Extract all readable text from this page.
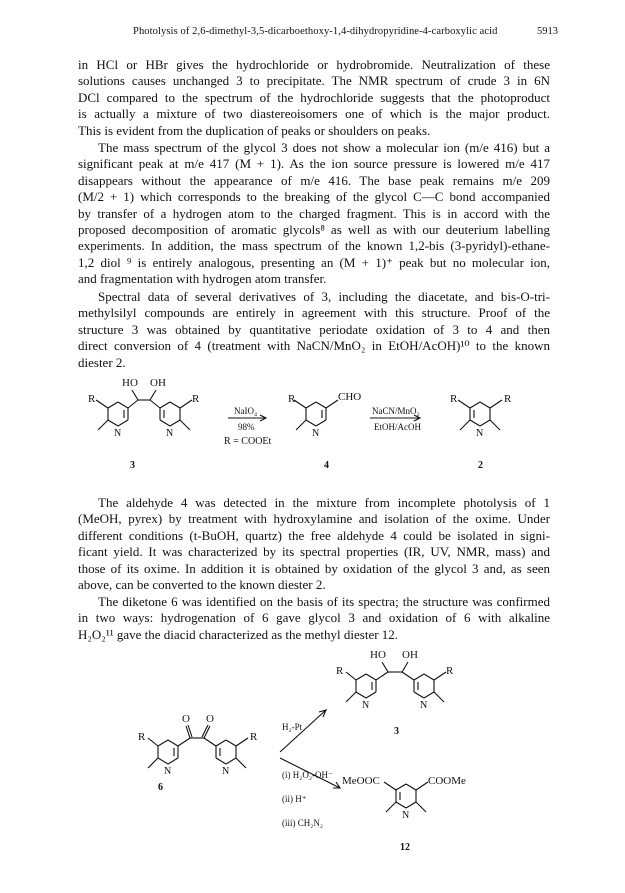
Photolysis of 2,6-dimethyl-3,5-dicarboethoxy-1,4-dihydropyridine-4-carboxylic acid	5913
in HCl or HBr gives the hydrochloride or hydrobromide. Neutralization of these
solutions causes unchanged 3 to precipitate. The NMR spectrum of crude 3 in 6N
DCl compared to the spectrum of the hydrochloride suggests that the photoproduct
is actually a mixture of two diastereoisomers one of which is the major product.
This is evident from the duplication of peaks or shoulders on peaks.
The mass spectrum of the glycol 3 does not show a molecular ion (m/e 416) but a
significant peak at m/e 417 (M + 1). As the ion source pressure is lowered m/e 417
disappears without the appearance of m/e 416. The base peak remains m/e 209
(M/2 + 1) which corresponds to the breaking of the glycol C—C bond accompanied
by transfer of a hydrogen atom to the charged fragment. This is in accord with the
proposed decomposition of aromatic glycols⁸ as well as with our deuterium labelling
experiments. In addition, the mass spectrum of the known 1,2-bis (3-pyridyl)-ethane-
1,2 diol ⁹ is entirely analogous, presenting an (M + 1)⁺ peak but no molecular ion,
and fragmentation with hydrogen atom transfer.
Spectral data of several derivatives of 3, including the diacetate, and bis-O-tri-
methylsilyl compounds are entirely in agreement with this structure. Proof of the
structure 3 was obtained by quantitative periodate oxidation of 3 to 4 and then
direct conversion of 4 (treatment with NaCN/MnO₂ in EtOH/AcOH)¹⁰ to the known
diester 2.
HO OH
R	R
N	N
3
NaIO₄
98%
R = COOEt
R	CHO
N
4
NaCN/MnO₂
EtOH/AcOH
R	R
N
2
The aldehyde 4 was detected in the mixture from incomplete photolysis of 1
(MeOH, pyrex) by treatment with hydroxylamine and isolation of the oxime. Under
different conditions (t-BuOH, quartz) the free aldehyde 4 could be isolated in signi-
ficant yield. It was characterized by its spectral properties (IR, UV, NMR, mass) and
those of its oxime. In addition it is obtained by oxidation of the glycol 3 and, as seen
above, can be converted to the known diester 2.
The diketone 6 was identified on the basis of its spectra; the structure was confirmed
in two ways: hydrogenation of 6 gave glycol 3 and oxidation of 6 with alkaline
H₂O₂¹¹ gave the diacid characterized as the methyl diester 12.
O O
R	R
N	N
6
H₂-Pt
HO OH
R	R
N	N
3
(i) H₂O₂-OH⁻
(ii) H⁺
(iii) CH₂N₂
MeOOC	COOMe
N
12
